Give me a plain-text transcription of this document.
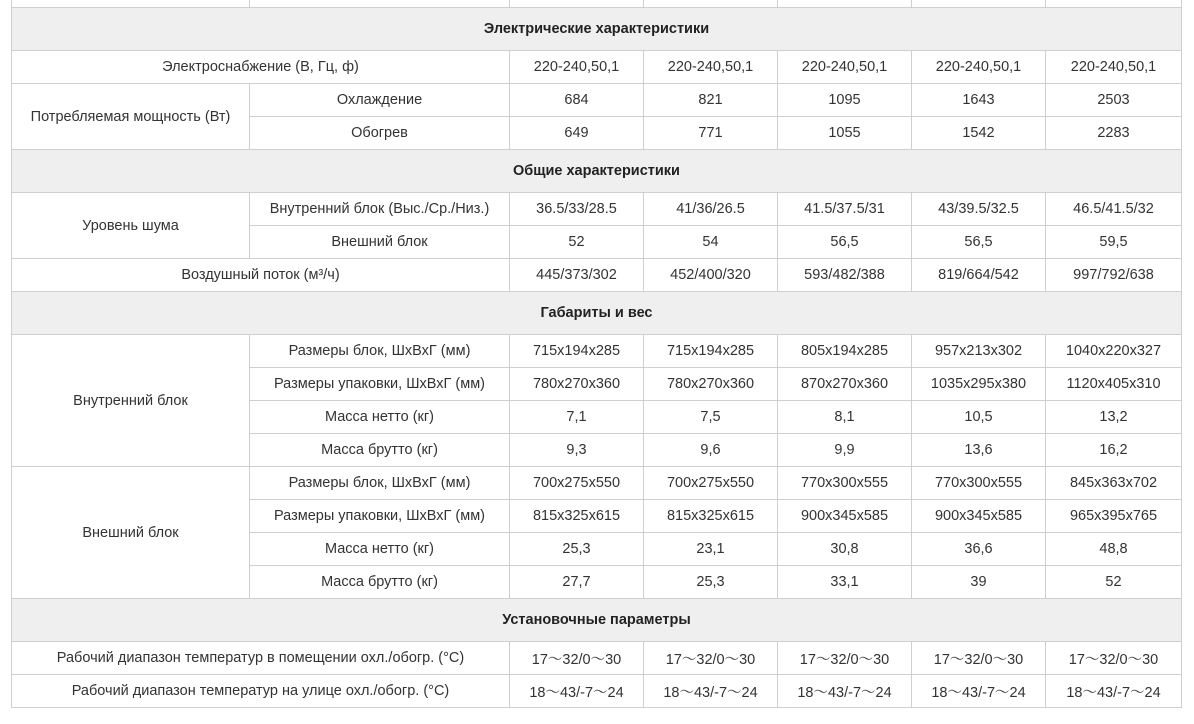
Электрические характеристики						
Электроснабжение (В, Гц, ф)		220-240,50,1	220-240,50,1	220-240,50,1	220-240,50,1	220-240,50,1
Потребляемая мощность (Вт)	Охлаждение	684	821	1095	1643	2503
	Обогрев	649	771	1055	1542	2283
Общие характеристики						
Уровень шума	Внутренний блок (Выс./Ср./Низ.)	36.5/33/28.5	41/36/26.5	41.5/37.5/31	43/39.5/32.5	46.5/41.5/32
	Внешний блок	52	54	56,5	56,5	59,5
Воздушный поток (м³/ч)		445/373/302	452/400/320	593/482/388	819/664/542	997/792/638
Габариты и вес						
Внутренний блок	Размеры блок, ШхВхГ (мм)	715x194x285	715x194x285	805x194x285	957x213x302	1040x220x327
	Размеры упаковки, ШхВхГ (мм)	780x270x360	780x270x360	870x270x360	1035x295x380	1120x405x310
	Масса нетто (кг)	7,1	7,5	8,1	10,5	13,2
	Масса брутто (кг)	9,3	9,6	9,9	13,6	16,2
Внешний блок	Размеры блок, ШхВхГ (мм)	700x275x550	700x275x550	770x300x555	770x300x555	845x363x702
	Размеры упаковки, ШхВхГ (мм)	815x325x615	815x325x615	900x345x585	900x345x585	965x395x765
	Масса нетто (кг)	25,3	23,1	30,8	36,6	48,8
	Масса брутто (кг)	27,7	25,3	33,1	39	52
Установочные параметры						
Рабочий диапазон температур в помещении охл./обогр. (°C)		17〜32/0〜30	17〜32/0〜30	17〜32/0〜30	17〜32/0〜30	17〜32/0〜30
Рабочий диапазон температур на улице охл./обогр. (°C)		18〜43/-7〜24	18〜43/-7〜24	18〜43/-7〜24	18〜43/-7〜24	18〜43/-7〜24
